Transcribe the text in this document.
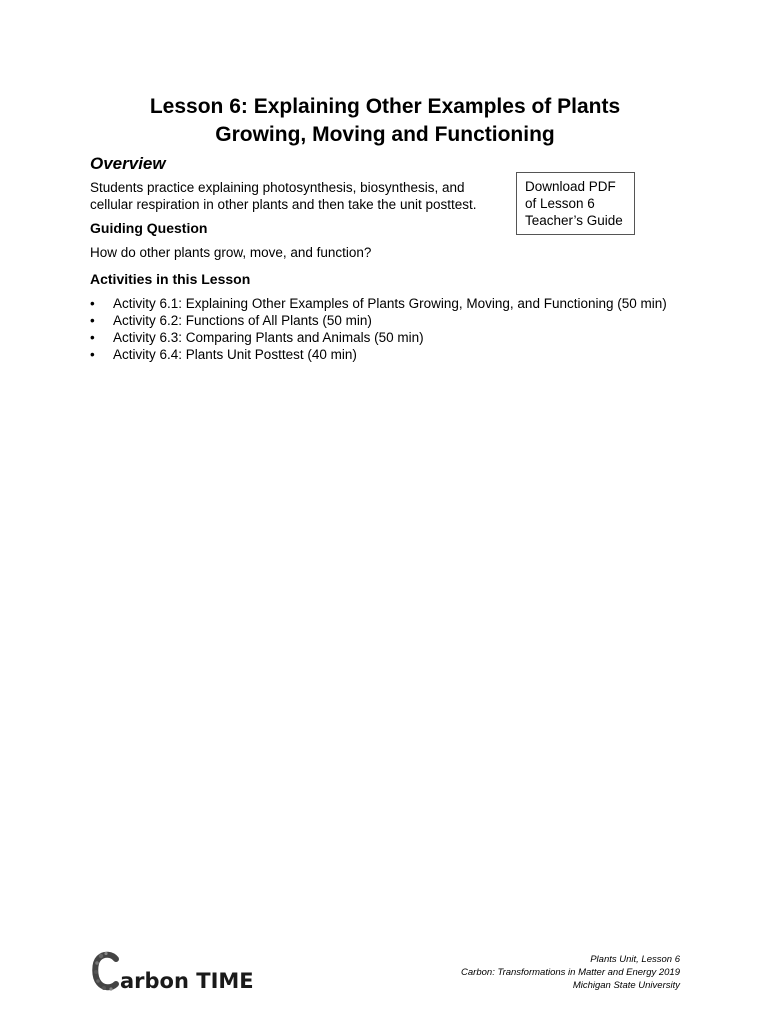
Lesson 6: Explaining Other Examples of Plants
Growing, Moving and Functioning
Overview
Students practice explaining photosynthesis, biosynthesis, and cellular respiration in other plants and then take the unit posttest.
Download PDF
of Lesson 6
Teacher’s Guide
Guiding Question
How do other plants grow, move, and function?
Activities in this Lesson
• Activity 6.1: Explaining Other Examples of Plants Growing, Moving, and Functioning (50 min)
• Activity 6.2: Functions of All Plants (50 min)
• Activity 6.3: Comparing Plants and Animals (50 min)
• Activity 6.4: Plants Unit Posttest (40 min)
arbon TIME
Plants Unit, Lesson 6
Carbon: Transformations in Matter and Energy 2019
Michigan State University
